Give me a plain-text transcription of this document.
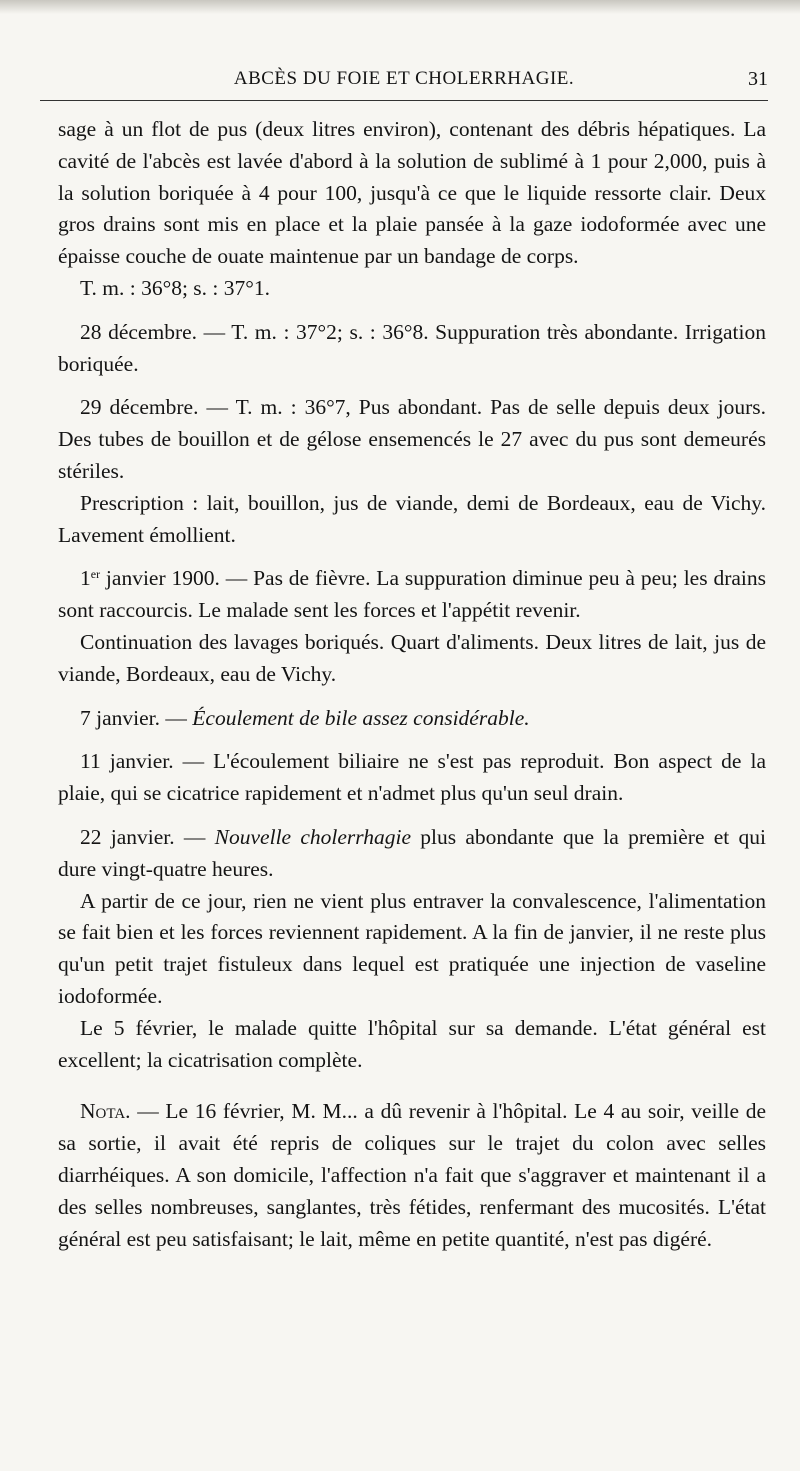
ABCÈS DU FOIE ET CHOLERRHAGIE.	31

sage à un flot de pus (deux litres environ), contenant des débris hépatiques. La cavité de l'abcès est lavée d'abord à la solution de sublimé à 1 pour 2,000, puis à la solution boriquée à 4 pour 100, jusqu'à ce que le liquide ressorte clair. Deux gros drains sont mis en place et la plaie pansée à la gaze iodoformée avec une épaisse couche de ouate maintenue par un bandage de corps.

T. m. : 36°8; s. : 37°1.

28 décembre. — T. m. : 37°2; s. : 36°8. Suppuration très abondante. Irrigation boriquée.

29 décembre. — T. m. : 36°7, Pus abondant. Pas de selle depuis deux jours. Des tubes de bouillon et de gélose ensemencés le 27 avec du pus sont demeurés stériles.

Prescription : lait, bouillon, jus de viande, demi de Bordeaux, eau de Vichy. Lavement émollient.

1er janvier 1900. — Pas de fièvre. La suppuration diminue peu à peu; les drains sont raccourcis. Le malade sent les forces et l'appétit revenir.

Continuation des lavages boriqués. Quart d'aliments. Deux litres de lait, jus de viande, Bordeaux, eau de Vichy.

7 janvier. — Écoulement de bile assez considérable.

11 janvier. — L'écoulement biliaire ne s'est pas reproduit. Bon aspect de la plaie, qui se cicatrice rapidement et n'admet plus qu'un seul drain.

22 janvier. — Nouvelle cholerrhagie plus abondante que la première et qui dure vingt-quatre heures.

A partir de ce jour, rien ne vient plus entraver la convalescence, l'alimentation se fait bien et les forces reviennent rapidement. A la fin de janvier, il ne reste plus qu'un petit trajet fistuleux dans lequel est pratiquée une injection de vaseline iodoformée.

Le 5 février, le malade quitte l'hôpital sur sa demande. L'état général est excellent; la cicatrisation complète.

Nota. — Le 16 février, M. M... a dû revenir à l'hôpital. Le 4 au soir, veille de sa sortie, il avait été repris de coliques sur le trajet du colon avec selles diarrhéiques. A son domicile, l'affection n'a fait que s'aggraver et maintenant il a des selles nombreuses, sanglantes, très fétides, renfermant des mucosités. L'état général est peu satisfaisant; le lait, même en petite quantité, n'est pas digéré.
